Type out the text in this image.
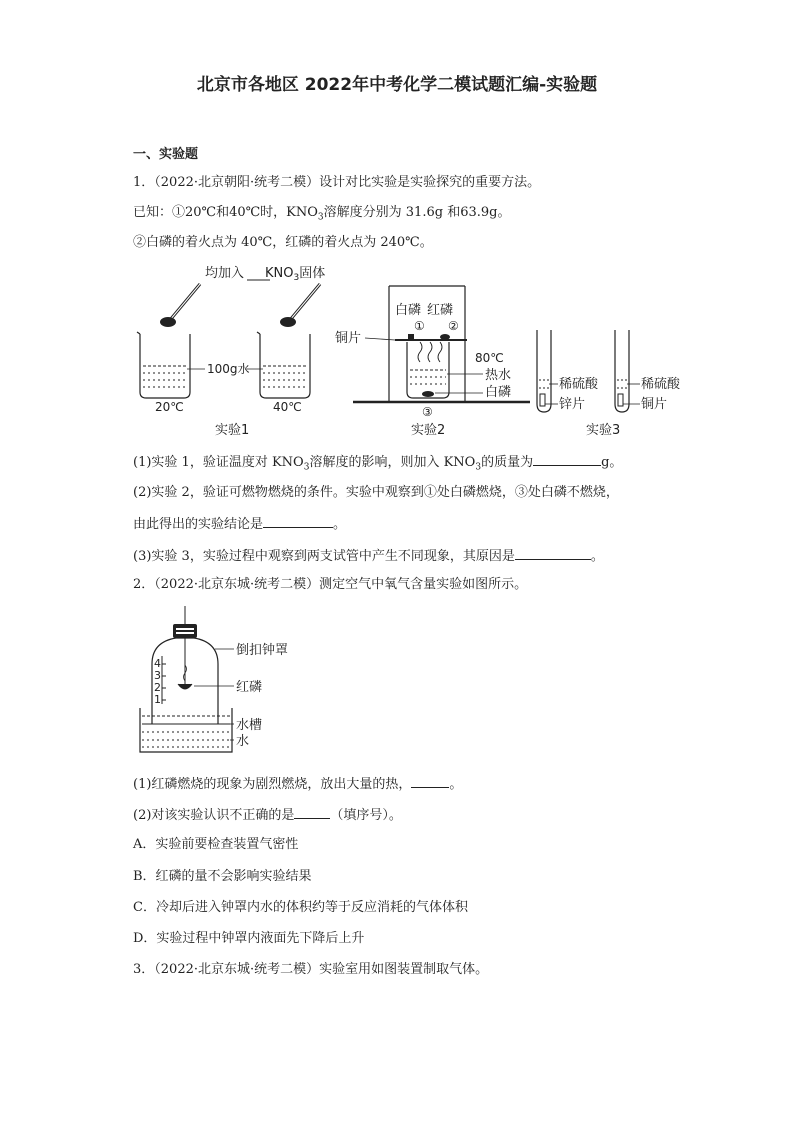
北京市各地区 2022年中考化学二模试题汇编-实验题
一、实验题
1．（2022·北京朝阳·统考二模）设计对比实验是实验探究的重要方法。
已知：①20℃和40℃时，$KNO_3$溶解度分别为 31.6g 和63.9g。
②白磷的着火点为 40℃，红磷的着火点为 240℃。
均加入 $KNO_3$固体
100g水
20℃	40℃
实验1
白磷 红磷
① ②
铜片
80℃
热水
白磷
③
实验2
稀硫酸
锌片
稀硫酸
铜片
实验3
(1)实验 1，验证温度对 $KNO_3$溶解度的影响，则加入 $KNO_3$的质量为	g。
(2)实验 2，验证可燃物燃烧的条件。实验中观察到①处白磷燃烧，③处白磷不燃烧，
由此得出的实验结论是	。
(3)实验 3，实验过程中观察到两支试管中产生不同现象，其原因是	。
2．（2022·北京东城·统考二模）测定空气中氧气含量实验如图所示。
4
3
2
1
倒扣钟罩
红磷
水槽
水
(1)红磷燃烧的现象为剧烈燃烧，放出大量的热，	。
(2)对该实验认识不正确的是	（填序号）。
A．实验前要检查装置气密性
B．红磷的量不会影响实验结果
C．冷却后进入钟罩内水的体积约等于反应消耗的气体体积
D．实验过程中钟罩内液面先下降后上升
3．（2022·北京东城·统考二模）实验室用如图装置制取气体。
